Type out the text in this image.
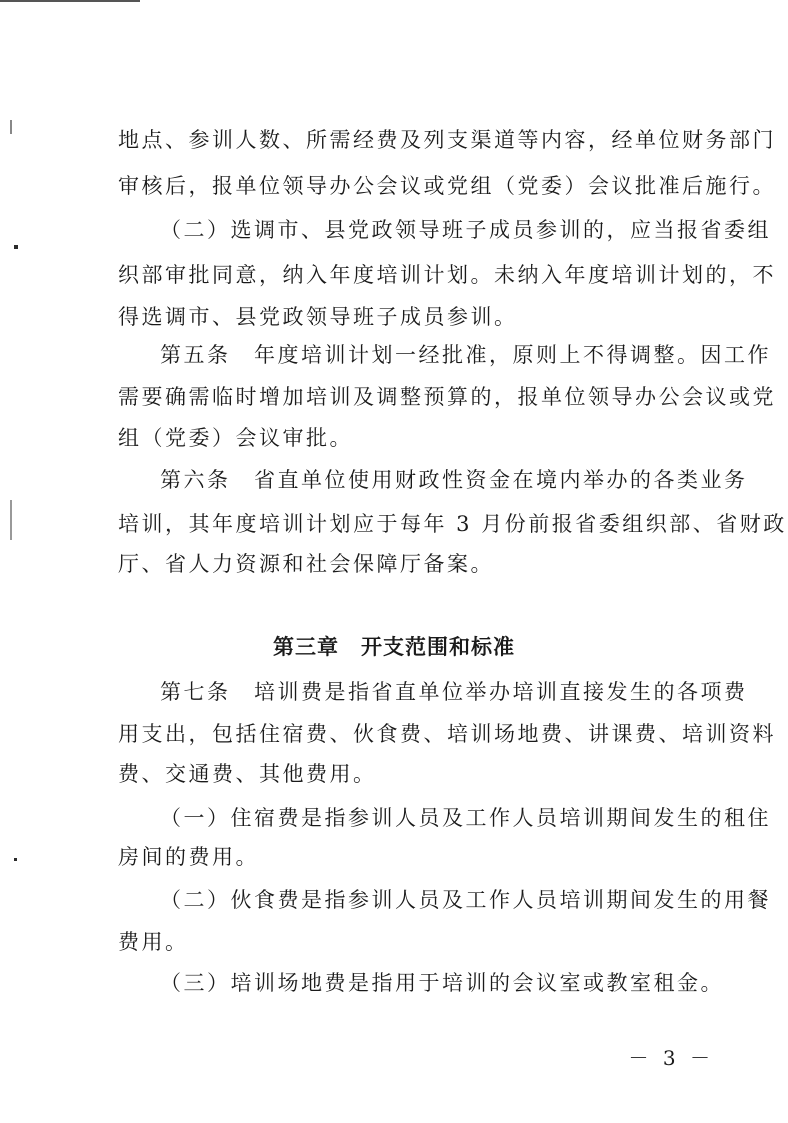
地点、参训人数、所需经费及列支渠道等内容，经单位财务部门
审核后，报单位领导办公会议或党组（党委）会议批准后施行。
（二）选调市、县党政领导班子成员参训的，应当报省委组
织部审批同意，纳入年度培训计划。未纳入年度培训计划的，不
得选调市、县党政领导班子成员参训。
第五条　年度培训计划一经批准，原则上不得调整。因工作
需要确需临时增加培训及调整预算的，报单位领导办公会议或党
组（党委）会议审批。
第六条　省直单位使用财政性资金在境内举办的各类业务
培训，其年度培训计划应于每年 3 月份前报省委组织部、省财政
厅、省人力资源和社会保障厅备案。
第三章 开支范围和标准
第七条　培训费是指省直单位举办培训直接发生的各项费
用支出，包括住宿费、伙食费、培训场地费、讲课费、培训资料
费、交通费、其他费用。
（一）住宿费是指参训人员及工作人员培训期间发生的租住
房间的费用。
（二）伙食费是指参训人员及工作人员培训期间发生的用餐
费用。
（三）培训场地费是指用于培训的会议室或教室租金。
－ 3 －
